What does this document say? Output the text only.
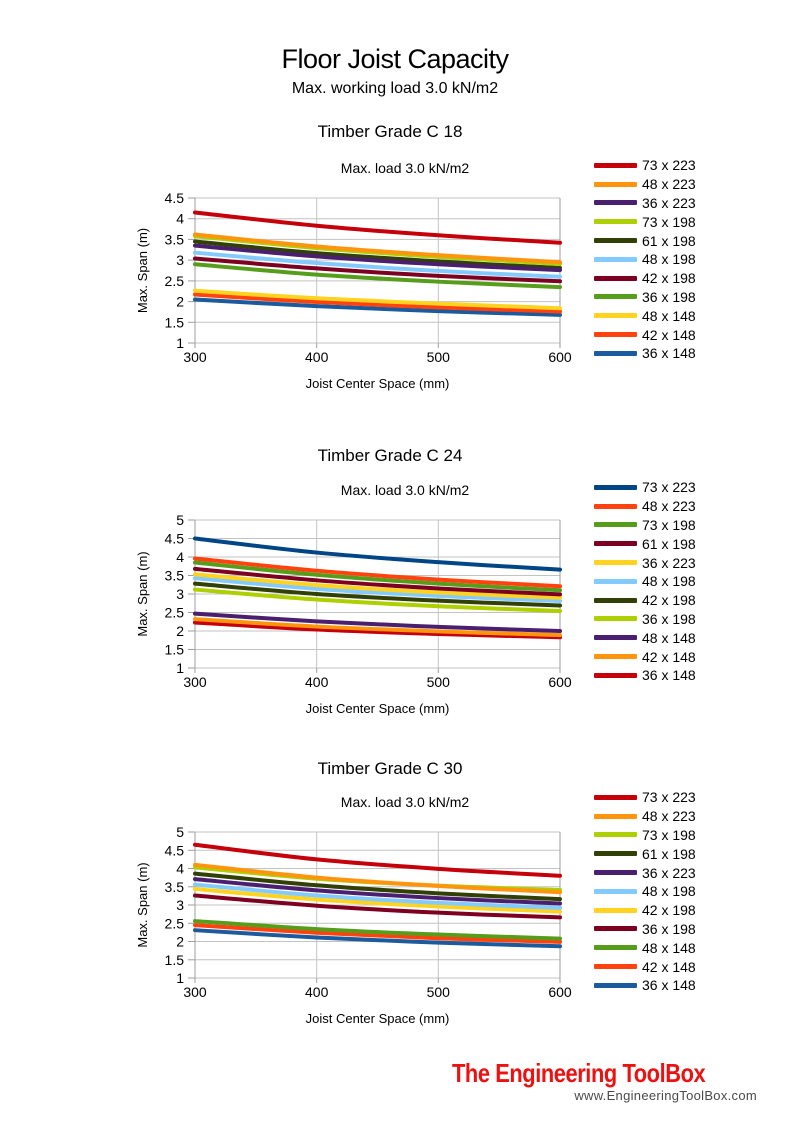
Floor Joist Capacity
Max. working load 3.0 kN/m2
Timber Grade C 18
Max. load 3.0 kN/m2
4.5
4
3.5
3
2.5
2
1.5
1
300	400	500	600
Joist Center Space (mm)
Max. Span (m)
73 x 223
48 x 223
36 x 223
73 x 198
61 x 198
48 x 198
42 x 198
36 x 198
48 x 148
42 x 148
36 x 148
Timber Grade C 24
Max. load 3.0 kN/m2
5
4.5
4
3.5
3
2.5
2
1.5
1
300	400	500	600
Joist Center Space (mm)
Max. Span (m)
73 x 223
48 x 223
73 x 198
61 x 198
36 x 223
48 x 198
42 x 198
36 x 198
48 x 148
42 x 148
36 x 148
Timber Grade C 30
Max. load 3.0 kN/m2
5
4.5
4
3.5
3
2.5
2
1.5
1
300	400	500	600
Joist Center Space (mm)
Max. Span (m)
73 x 223
48 x 223
73 x 198
61 x 198
36 x 223
48 x 198
42 x 198
36 x 198
48 x 148
42 x 148
36 x 148
The Engineering ToolBox
www.EngineeringToolBox.com
